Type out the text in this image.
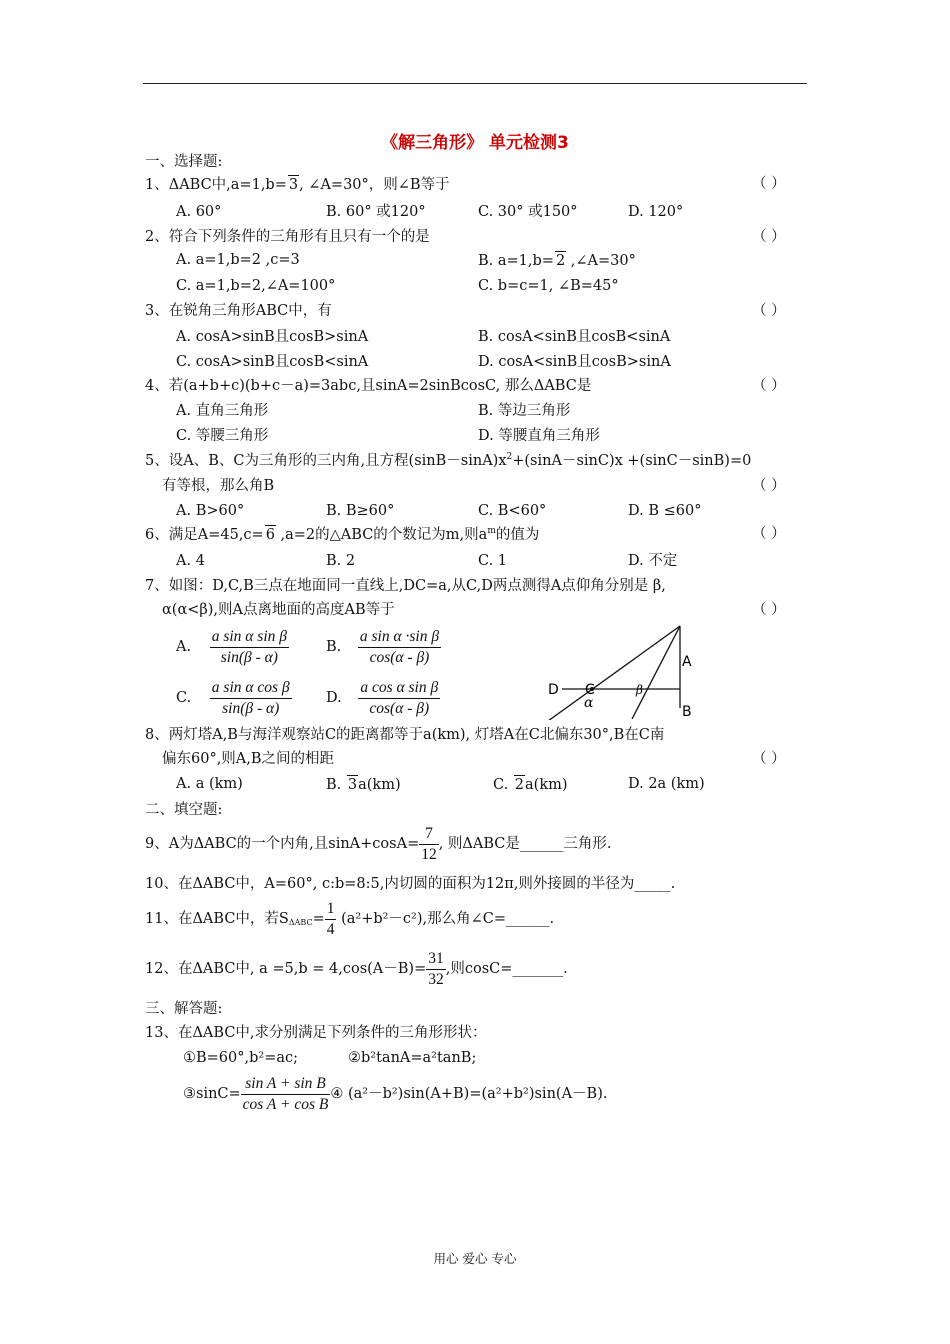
《解三角形》 单元检测3
一、选择题:
1、ΔABC中,a=1,b= 3, ∠A=30°，则∠B等于	（ ）
A. 60°	B. 60° 或120°	C. 30° 或150°	D. 120°
2、符合下列条件的三角形有且只有一个的是	（ ）
A. a=1,b=2 ,c=3	B. a=1,b= 2 ,∠A=30°
C. a=1,b=2,∠A=100°	C. b=c=1, ∠B=45°
3、在锐角三角形ABC中，有	（ ）
A. cosA>sinB且cosB>sinA	B. cosA<sinB且cosB<sinA
C. cosA>sinB且cosB<sinA	D. cosA<sinB且cosB>sinA
4、若(a+b+c)(b+c－a)=3abc,且sinA=2sinBcosC, 那么ΔABC是	（ ）
A. 直角三角形	B. 等边三角形
C. 等腰三角形	D. 等腰直角三角形
5、设A、B、C为三角形的三内角,且方程$(\sin B-\sin A)x^2+(\sin A-\sin C)x +(\sin C-\sin B)=0$
有等根，那么角B	（ ）
A. B>60°	B. B≥60°	C. B<60°	D. B ≤60°
6、满足A=45,c= 6 ,a=2的△ABC的个数记为m,则$a^m$的值为	（ ）
A. 4	B. 2	C. 1	D. 不定
7、如图：D,C,B三点在地面同一直线上,DC=a,从C,D两点测得A点仰角分别是 β,
α(α<β),则A点离地面的高度AB等于	（ ）
A. $\frac{\text{a sin α sin β}}{\sin(\beta - \alpha)}$	B. $\frac{\text{a sin α ·sin β}}{\cos(\alpha - \beta)}$
C. $\frac{\text{a sin α cos β}}{\sin(\beta - \alpha)} D$. $\frac{\text{a cos α sin β}}{\cos(\alpha - \beta)}$
A
B
C
D
α
β
8、两灯塔A,B与海洋观察站C的距离都等于a(km), 灯塔A在C北偏东30°,B在C南
偏东60°,则A,B之间的相距	（ ）
A. a (km)	B. 3a(km)	C. 2a(km)	D. 2a (km)
二、填空题:
9、A为ΔABC的一个内角,且$\sin A+\cos A= \frac{7}{12}$ , 则ΔABC是______三角形.
10、在ΔABC中，A=60°, c:b=8:5,内切圆的面积为12π,则外接圆的半径为_____.
11、在ΔABC中，若$S_{\Delta ABC}= \frac{1}{4} (a^2+b^2-c^2)$,那么角∠C=______.
12、在ΔABC中, $a =5,b = 4,\cos(A-B)= \frac{31}{32}$ ,则cosC=_______.
三、解答题:
13、在ΔABC中,求分别满足下列条件的三角形形状：
①B=60°,b²=ac;	②b²tanA=a²tanB;
③sinC= $\frac{\text{sin A + sin B}}{\text{cos A + cos B}}$ ④ (a²－b²)sin(A+B)=(a²+b²)sin(A－B).
用心 爱心 专心
